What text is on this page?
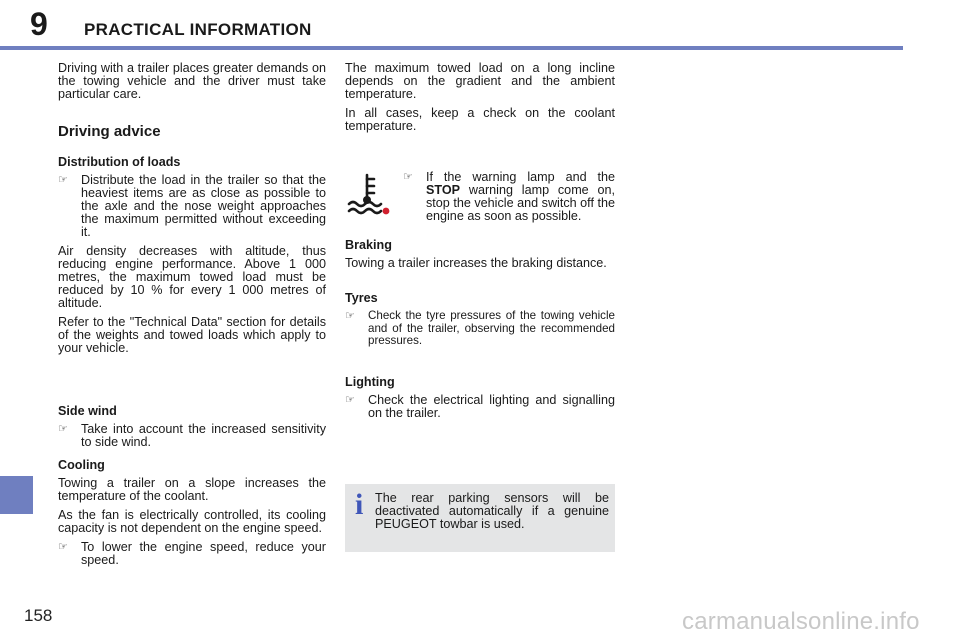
9 PRACTICAL INFORMATION
158	carmanualsonline.info

Driving with a trailer places greater demands on the towing vehicle and the driver must take particular care.

Driving advice
Distribution of loads
☞	Distribute the load in the trailer so that the heaviest items are as close as possible to the axle and the nose weight approaches the maximum permitted without exceeding it.

Air density decreases with altitude, thus reducing engine performance. Above 1 000 metres, the maximum towed load must be reduced by 10 % for every 1 000 metres of altitude.

Refer to the "Technical Data" section for details of the weights and towed loads which apply to your vehicle.

Side wind
☞	Take into account the increased sensitivity to side wind.
Cooling

Towing a trailer on a slope increases the temperature of the coolant.

As the fan is electrically controlled, its cooling capacity is not dependent on the engine speed.

☞	To lower the engine speed, reduce your speed.

The maximum towed load on a long incline depends on the gradient and the ambient temperature.

In all cases, keep a check on the coolant temperature.

☞	If the warning lamp and the STOP warning lamp come on, stop the vehicle and switch off the engine as soon as possible.
Braking

Towing a trailer increases the braking distance.

Tyres
☞	Check the tyre pressures of the towing vehicle and of the trailer, observing the recommended pressures.
Lighting
☞	Check the electrical lighting and signalling on the trailer.
i The rear parking sensors will be deactivated automatically if a genuine PEUGEOT towbar is used.
